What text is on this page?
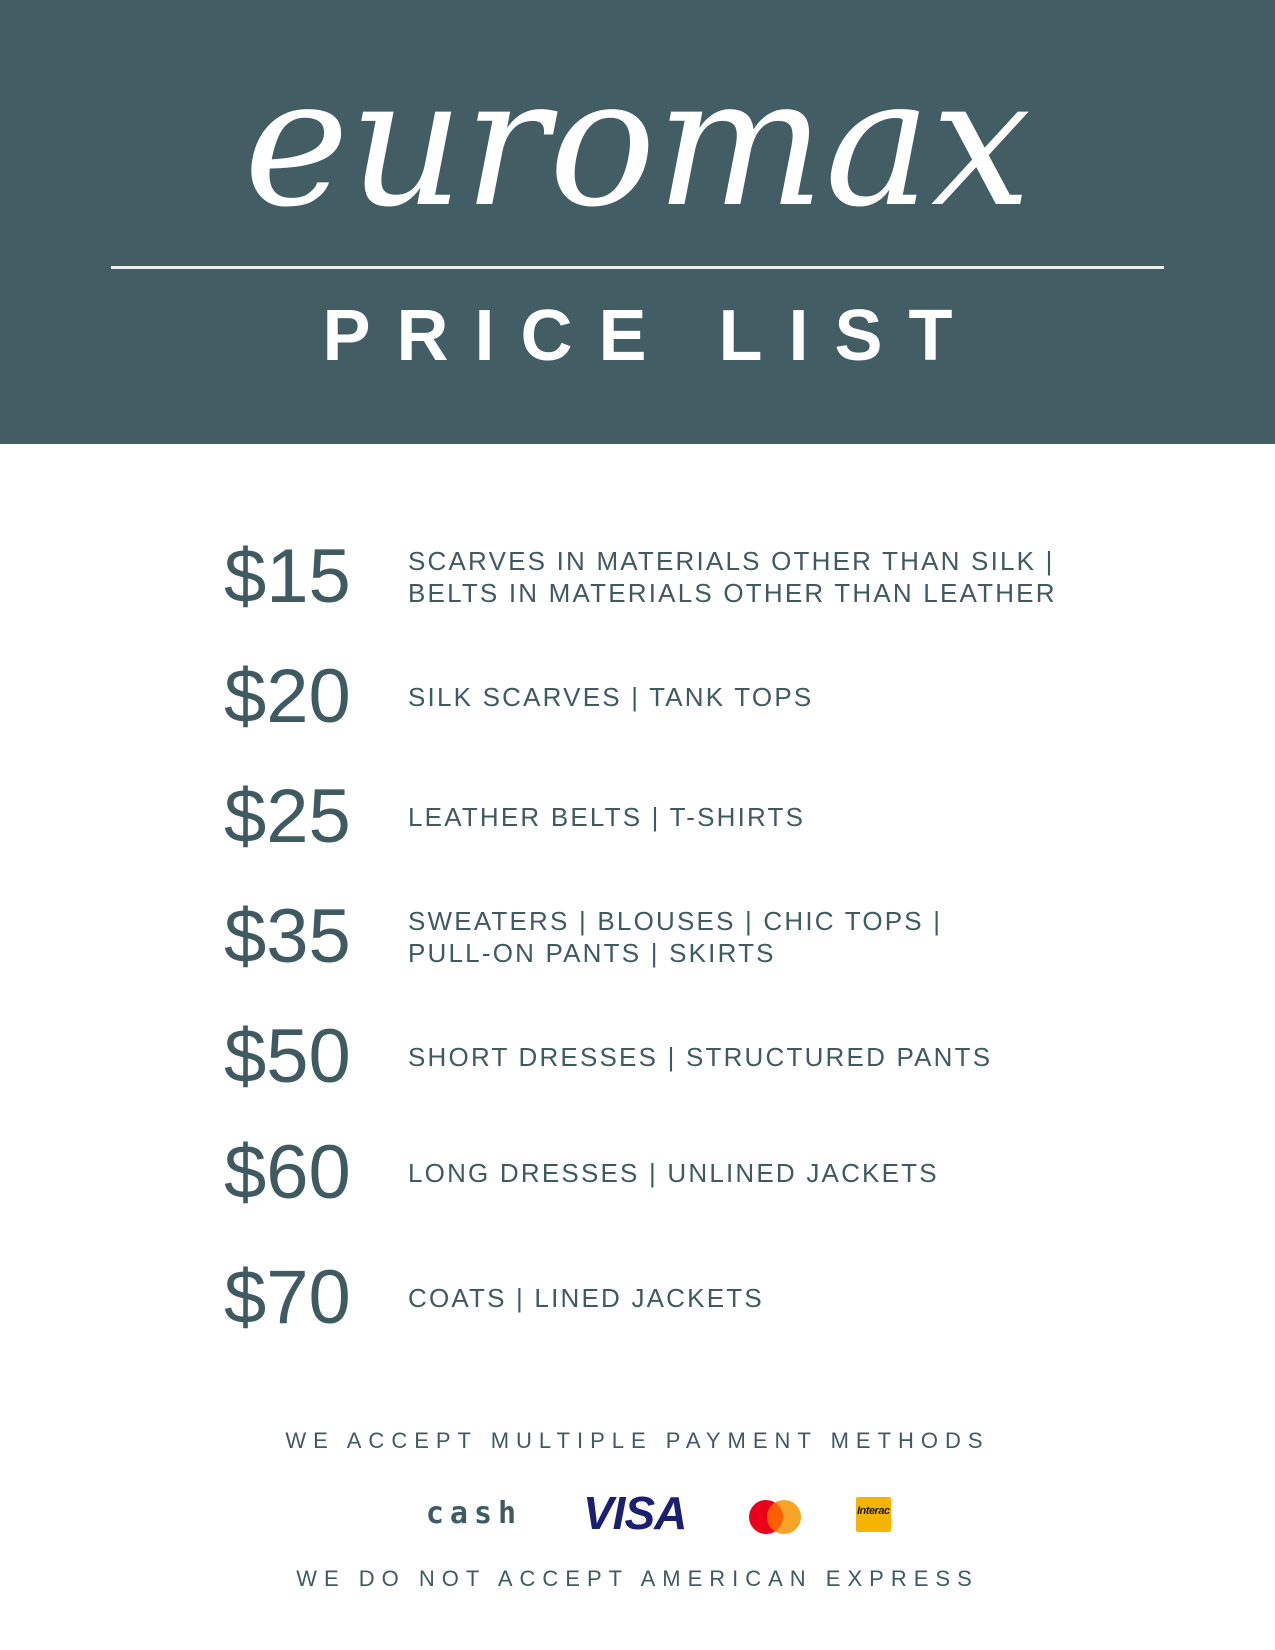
euromax
PRICE LIST
$15 SCARVES IN MATERIALS OTHER THAN SILK |
BELTS IN MATERIALS OTHER THAN LEATHER
$20 SILK SCARVES | TANK TOPS
$25 LEATHER BELTS | T-SHIRTS
$35 SWEATERS | BLOUSES | CHIC TOPS |
PULL-ON PANTS | SKIRTS
$50 SHORT DRESSES | STRUCTURED PANTS
$60 LONG DRESSES | UNLINED JACKETS
$70 COATS | LINED JACKETS
WE ACCEPT MULTIPLE PAYMENT METHODS
cash VISA	Interac
WE DO NOT ACCEPT AMERICAN EXPRESS
